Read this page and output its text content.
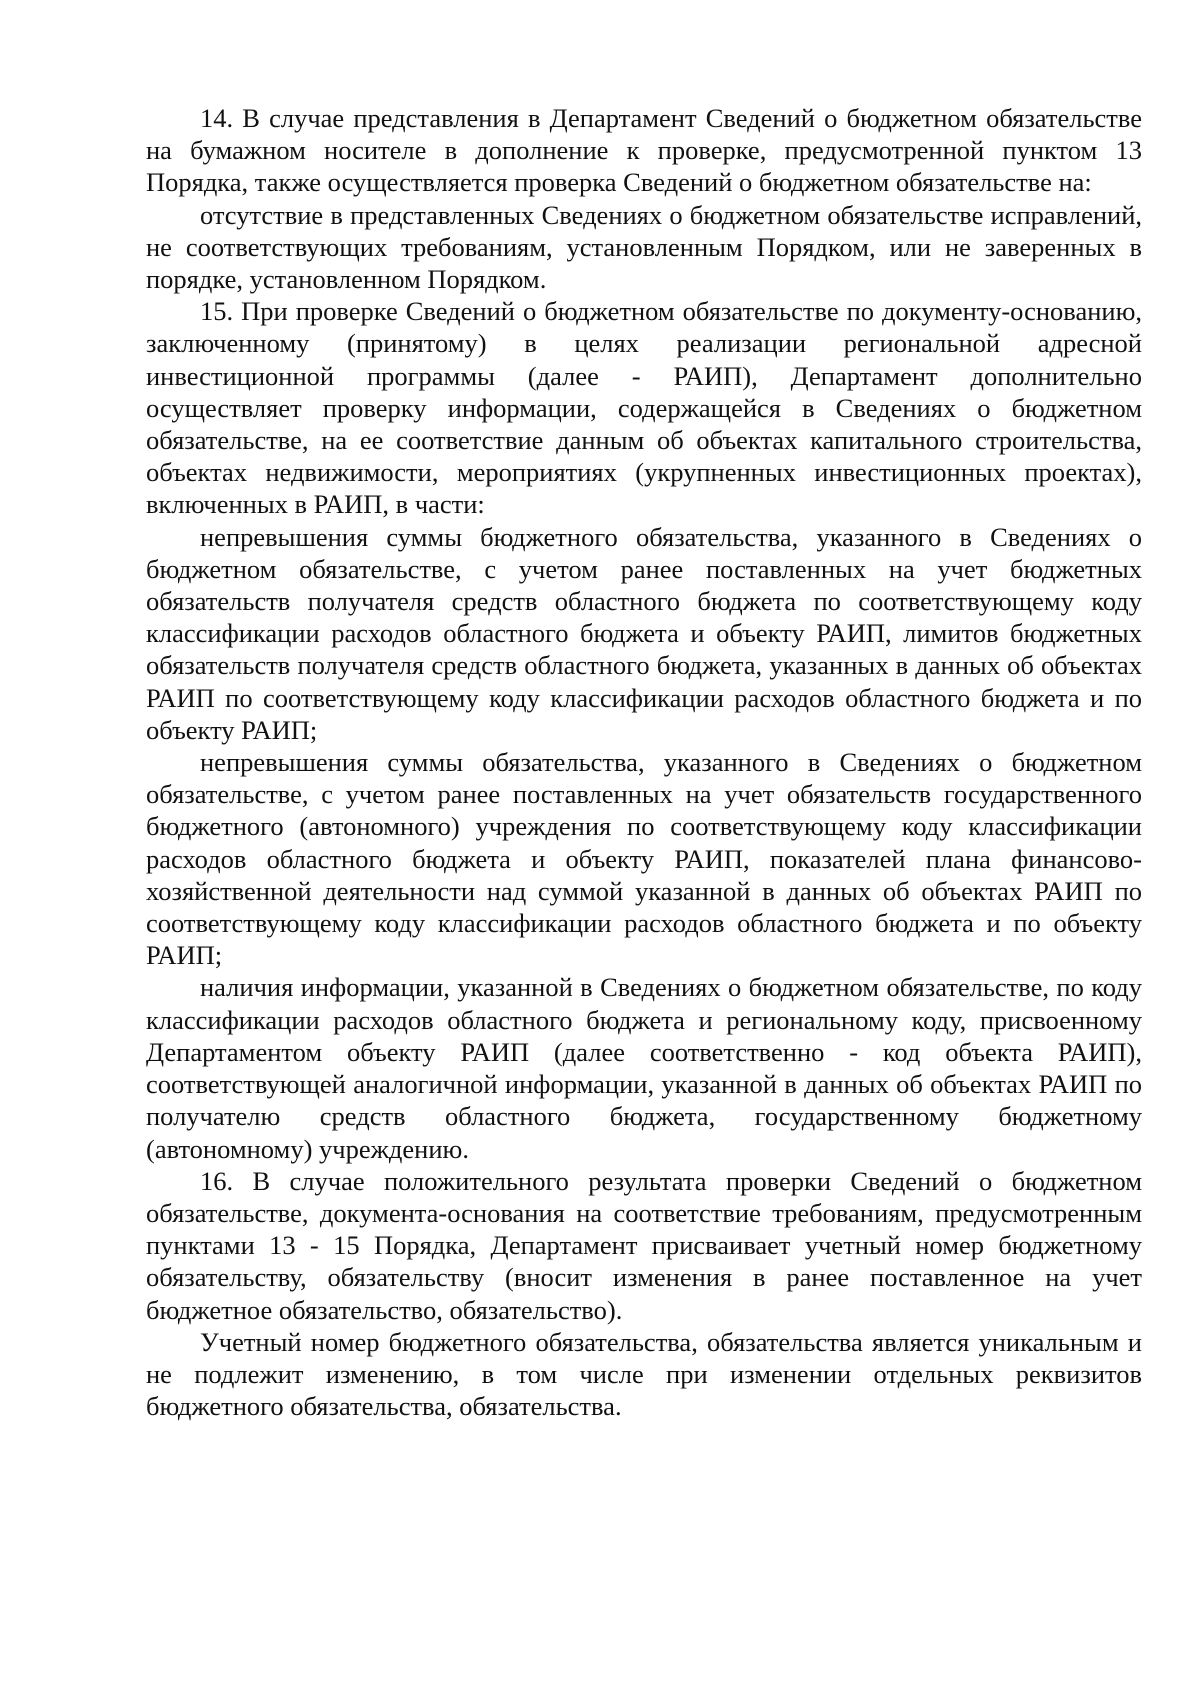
14. В случае представления в Департамент Сведений о бюджетном обязательстве на бумажном носителе в дополнение к проверке, предусмотренной пунктом 13 Порядка, также осуществляется проверка Сведений о бюджетном обязательстве на:

отсутствие в представленных Сведениях о бюджетном обязательстве исправлений, не соответствующих требованиям, установленным Порядком, или не заверенных в порядке, установленном Порядком.

15. При проверке Сведений о бюджетном обязательстве по документу-основанию, заключенному (принятому) в целях реализации региональной адресной инвестиционной программы (далее - РАИП), Департамент дополнительно осуществляет проверку информации, содержащейся в Сведениях о бюджетном обязательстве, на ее соответствие данным об объектах капитального строительства, объектах недвижимости, мероприятиях (укрупненных инвестиционных проектах), включенных в РАИП, в части:

непревышения суммы бюджетного обязательства, указанного в Сведениях о бюджетном обязательстве, с учетом ранее поставленных на учет бюджетных обязательств получателя средств областного бюджета по соответствующему коду классификации расходов областного бюджета и объекту РАИП, лимитов бюджетных обязательств получателя средств областного бюджета, указанных в данных об объектах РАИП по соответствующему коду классификации расходов областного бюджета и по объекту РАИП;

непревышения суммы обязательства, указанного в Сведениях о бюджетном обязательстве, с учетом ранее поставленных на учет обязательств государственного бюджетного (автономного) учреждения по соответствующему коду классификации расходов областного бюджета и объекту РАИП, показателей плана финансово-хозяйственной деятельности над суммой указанной в данных об объектах РАИП по соответствующему коду классификации расходов областного бюджета и по объекту РАИП;

наличия информации, указанной в Сведениях о бюджетном обязательстве, по коду классификации расходов областного бюджета и региональному коду, присвоенному Департаментом объекту РАИП (далее соответственно - код объекта РАИП), соответствующей аналогичной информации, указанной в данных об объектах РАИП по получателю средств областного бюджета, государственному бюджетному (автономному) учреждению.

16. В случае положительного результата проверки Сведений о бюджетном обязательстве, документа-основания на соответствие требованиям, предусмотренным пунктами 13 - 15 Порядка, Департамент присваивает учетный номер бюджетному обязательству, обязательству (вносит изменения в ранее поставленное на учет бюджетное обязательство, обязательство).

Учетный номер бюджетного обязательства, обязательства является уникальным и не подлежит изменению, в том числе при изменении отдельных реквизитов бюджетного обязательства, обязательства.
